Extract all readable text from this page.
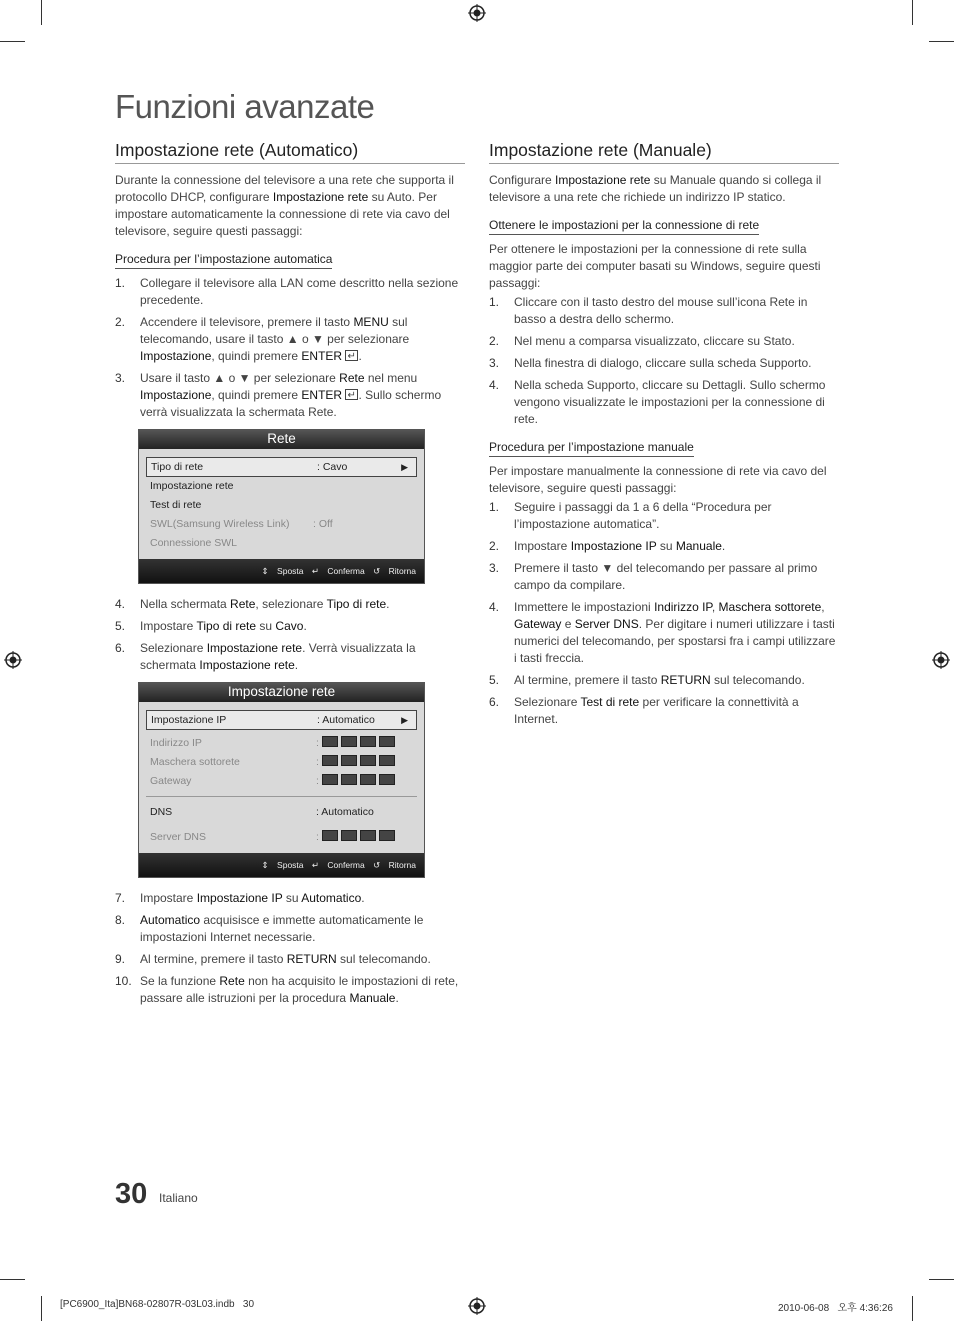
Funzioni avanzate
Impostazione rete (Automatico)

Durante la connessione del televisore a una rete che supporta il protocollo DHCP, configurare Impostazione rete su Auto. Per impostare automaticamente la connessione di rete via cavo del televisore, seguire questi passaggi:

Procedura per l’impostazione automatica
1. Collegare il televisore alla LAN come descritto nella sezione precedente.
2. Accendere il televisore, premere il tasto MENU sul telecomando, usare il tasto ▲ o ▼ per selezionare Impostazione, quindi premere ENTER ↵ .
3. Usare il tasto ▲ o ▼ per selezionare Rete nel menu Impostazione, quindi premere ENTER ↵ . Sullo schermo verrà visualizzata la schermata Rete.
Rete
Tipo di rete	: Cavo	▶
Impostazione rete
Test di rete
SWL(Samsung Wireless Link) : Off
Connessione SWL
⇕ Sposta ↵ Conferma ↺ Ritorna
4. Nella schermata Rete, selezionare Tipo di rete.
5. Impostare Tipo di rete su Cavo.
6. Selezionare Impostazione rete. Verrà visualizzata la schermata Impostazione rete.
Impostazione rete
Impostazione IP	: Automatico	▶
Indirizzo IP	:
Maschera sottorete	:
Gateway	:
DNS	: Automatico
Server DNS	:
⇕ Sposta ↵ Conferma ↺ Ritorna
7. Impostare Impostazione IP su Automatico.
8. Automatico acquisisce e immette automaticamente le impostazioni Internet necessarie.
9. Al termine, premere il tasto RETURN sul telecomando.
10. Se la funzione Rete non ha acquisito le impostazioni di rete, passare alle istruzioni per la procedura Manuale.
Impostazione rete (Manuale)

Configurare Impostazione rete su Manuale quando si collega il televisore a una rete che richiede un indirizzo IP statico.

Ottenere le impostazioni per la connessione di rete

Per ottenere le impostazioni per la connessione di rete sulla maggior parte dei computer basati su Windows, seguire questi passaggi:

1. Cliccare con il tasto destro del mouse sull’icona Rete in basso a destra dello schermo.
2. Nel menu a comparsa visualizzato, cliccare su Stato.
3. Nella finestra di dialogo, cliccare sulla scheda Supporto.
4. Nella scheda Supporto, cliccare su Dettagli. Sullo schermo vengono visualizzate le impostazioni per la connessione di rete.
Procedura per l’impostazione manuale

Per impostare manualmente la connessione di rete via cavo del televisore, seguire questi passaggi:

1. Seguire i passaggi da 1 a 6 della “Procedura per l’impostazione automatica”.
2. Impostare Impostazione IP su Manuale.
3. Premere il tasto ▼ del telecomando per passare al primo campo da compilare.
4. Immettere le impostazioni Indirizzo IP, Maschera sottorete, Gateway e Server DNS. Per digitare i numeri utilizzare i tasti numerici del telecomando, per spostarsi fra i campi utilizzare i tasti freccia.
5. Al termine, premere il tasto RETURN sul telecomando.
6. Selezionare Test di rete per verificare la connettività a Internet.
30 Italiano
[PC6900_Ita]BN68-02807R-03L03.indb   30	2010-06-08   오후 4:36:26
